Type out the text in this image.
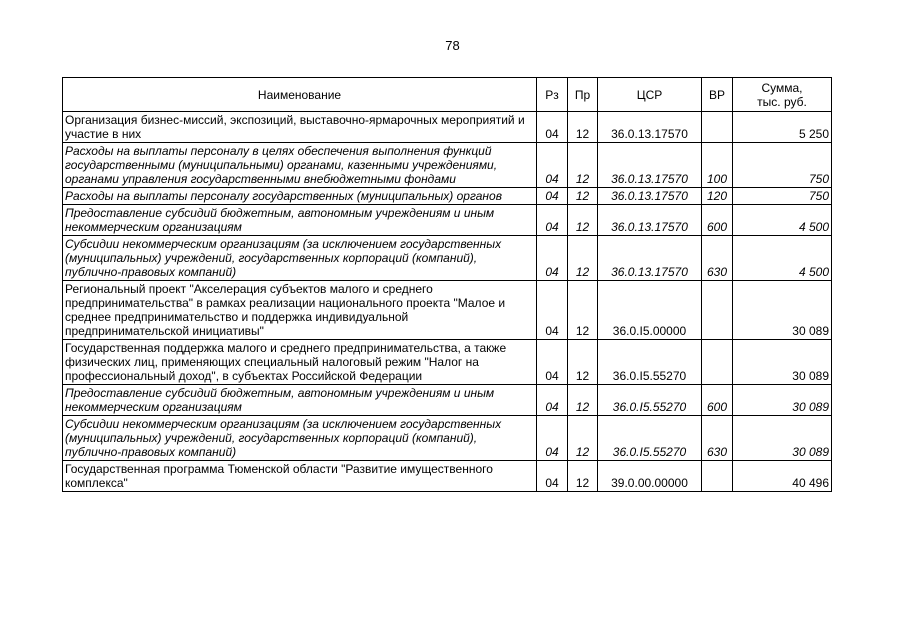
78
Наименование	Рз	Пр	ЦСР	ВР	Сумма,
тыс. руб.
Организация бизнес-миссий, экспозиций, выставочно-ярмарочных мероприятий и участие в них	04	12	36.0.13.17570		5 250
Расходы на выплаты персоналу в целях обеспечения выполнения функций государственными (муниципальными) органами, казенными учреждениями, органами управления государственными внебюджетными фондами	04	12	36.0.13.17570	100	750
Расходы на выплаты персоналу государственных (муниципальных) органов	04	12	36.0.13.17570	120	750
Предоставление субсидий бюджетным, автономным учреждениям и иным некоммерческим организациям	04	12	36.0.13.17570	600	4 500
Субсидии некоммерческим организациям (за исключением государственных (муниципальных) учреждений, государственных корпораций (компаний), публично-правовых компаний)	04	12	36.0.13.17570	630	4 500
Региональный проект "Акселерация субъектов малого и среднего предпринимательства" в рамках реализации национального проекта "Малое и среднее предпринимательство и поддержка индивидуальной предпринимательской инициативы"	04	12	36.0.I5.00000		30 089
Государственная поддержка малого и среднего предпринимательства, а также физических лиц, применяющих специальный налоговый режим "Налог на профессиональный доход", в субъектах Российской Федерации	04	12	36.0.I5.55270		30 089
Предоставление субсидий бюджетным, автономным учреждениям и иным некоммерческим организациям	04	12	36.0.I5.55270	600	30 089
Субсидии некоммерческим организациям (за исключением государственных (муниципальных) учреждений, государственных корпораций (компаний), публично-правовых компаний)	04	12	36.0.I5.55270	630	30 089
Государственная программа Тюменской области "Развитие имущественного комплекса"	04	12	39.0.00.00000		40 496
